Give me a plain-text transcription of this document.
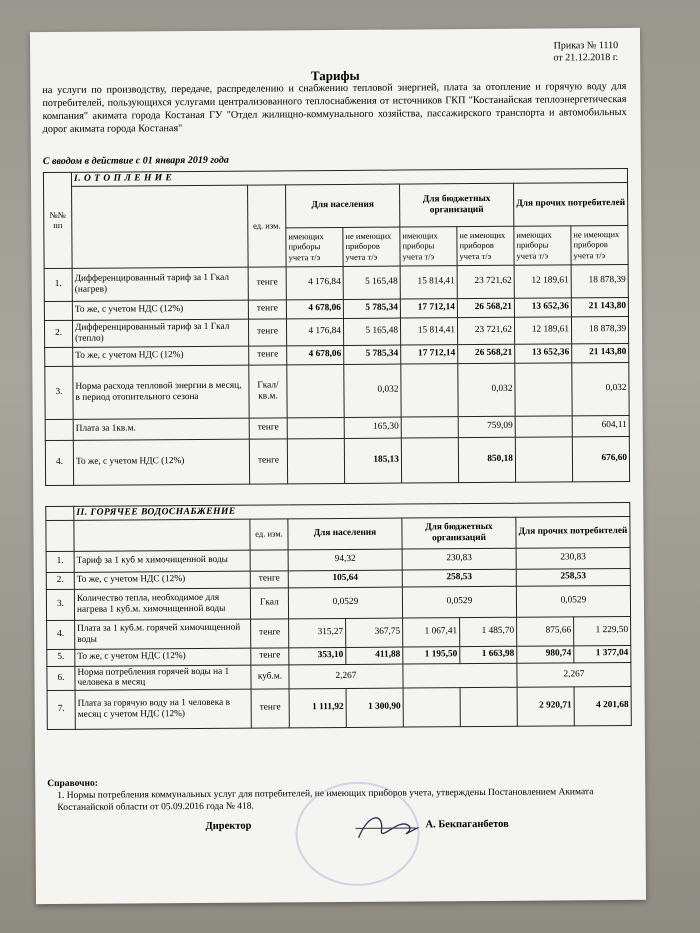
Приказ № 1110
от 21.12.2018 г.
Тарифы
на услуги по производству, передаче, распределению и снабжению тепловой энергией, плата за отопление и горячую воду для потребителей, пользующихся услугами централизованного теплоснабжения от источников ГКП "Костанайская теплоэнергетическая компания" акимата города Костаная ГУ "Отдел жилищно-коммунального хозяйства, пассажирского транспорта и автомобильных дорог акимата города Костаная"
С вводом в действие с 01 января 2019 года
№№ пп	I. О Т О П Л Е Н И Е							
		ед. изм.	Для населения		Для бюджетных организаций		Для прочих потребителей	
			имеющих приборы учета т/э	не имеющих приборов учета т/э	имеющих приборы учета т/э	не имеющих приборов учета т/э	имеющих приборы учета т/э	не имеющих приборов учета т/э
1.	Дифференцированный тариф за 1 Гкал (нагрев)	тенге	4 176,84	5 165,48	15 814,41	23 721,62	12 189,61	18 878,39
	То же, с учетом НДС (12%)	тенге	4 678,06	5 785,34	17 712,14	26 568,21	13 652,36	21 143,80
2.	Дифференцированный тариф за 1 Гкал (тепло)	тенге	4 176,84	5 165,48	15 814,41	23 721,62	12 189,61	18 878,39
	То же, с учетом НДС (12%)	тенге	4 678,06	5 785,34	17 712,14	26 568,21	13 652,36	21 143,80
3.	Норма расхода тепловой энергии в месяц, в период отопительного сезона	Гкал/кв.м.		0,032		0,032		0,032
	Плата за 1кв.м.	тенге		165,30		759,09		604,11
4.	То же, с учетом НДС (12%)	тенге		185,13		850,18		676,60
	II. ГОРЯЧЕЕ ВОДОСНАБЖЕНИЕ							
		ед. изм.	Для населения		Для бюджетных организаций		Для прочих потребителей	
1.	Тариф за 1 куб м химочищенной воды		94,32		230,83		230,83	
2.	То же, с учетом НДС (12%)	тенге	105,64		258,53		258,53	
3.	Количество тепла, необходимое для нагрева 1 куб.м. химочищенной воды	Гкал	0,0529		0,0529		0,0529	
4.	Плата за 1 куб.м. горячей химочищенной воды	тенге	315,27	367,75	1 067,41	1 485,70	875,66	1 229,50
5.	То же, с учетом НДС (12%)	тенге	353,10	411,88	1 195,50	1 663,98	980,74	1 377,04
6.	Норма потребления горячей воды на 1 человека в месяц	куб.м.	2,267				2,267	
7.	Плата за горячую воду на 1 человека в месяц с учетом НДС (12%)	тенге	1 111,92	1 300,90			2 920,71	4 201,68
Справочно:
1. Нормы потребления коммунальных услуг для потребителей, не имеющих приборов учета, утверждены Постановлением Акимата Костанайской области от 05.09.2016 года № 418.
Директор	А. Бекпаганбетов
